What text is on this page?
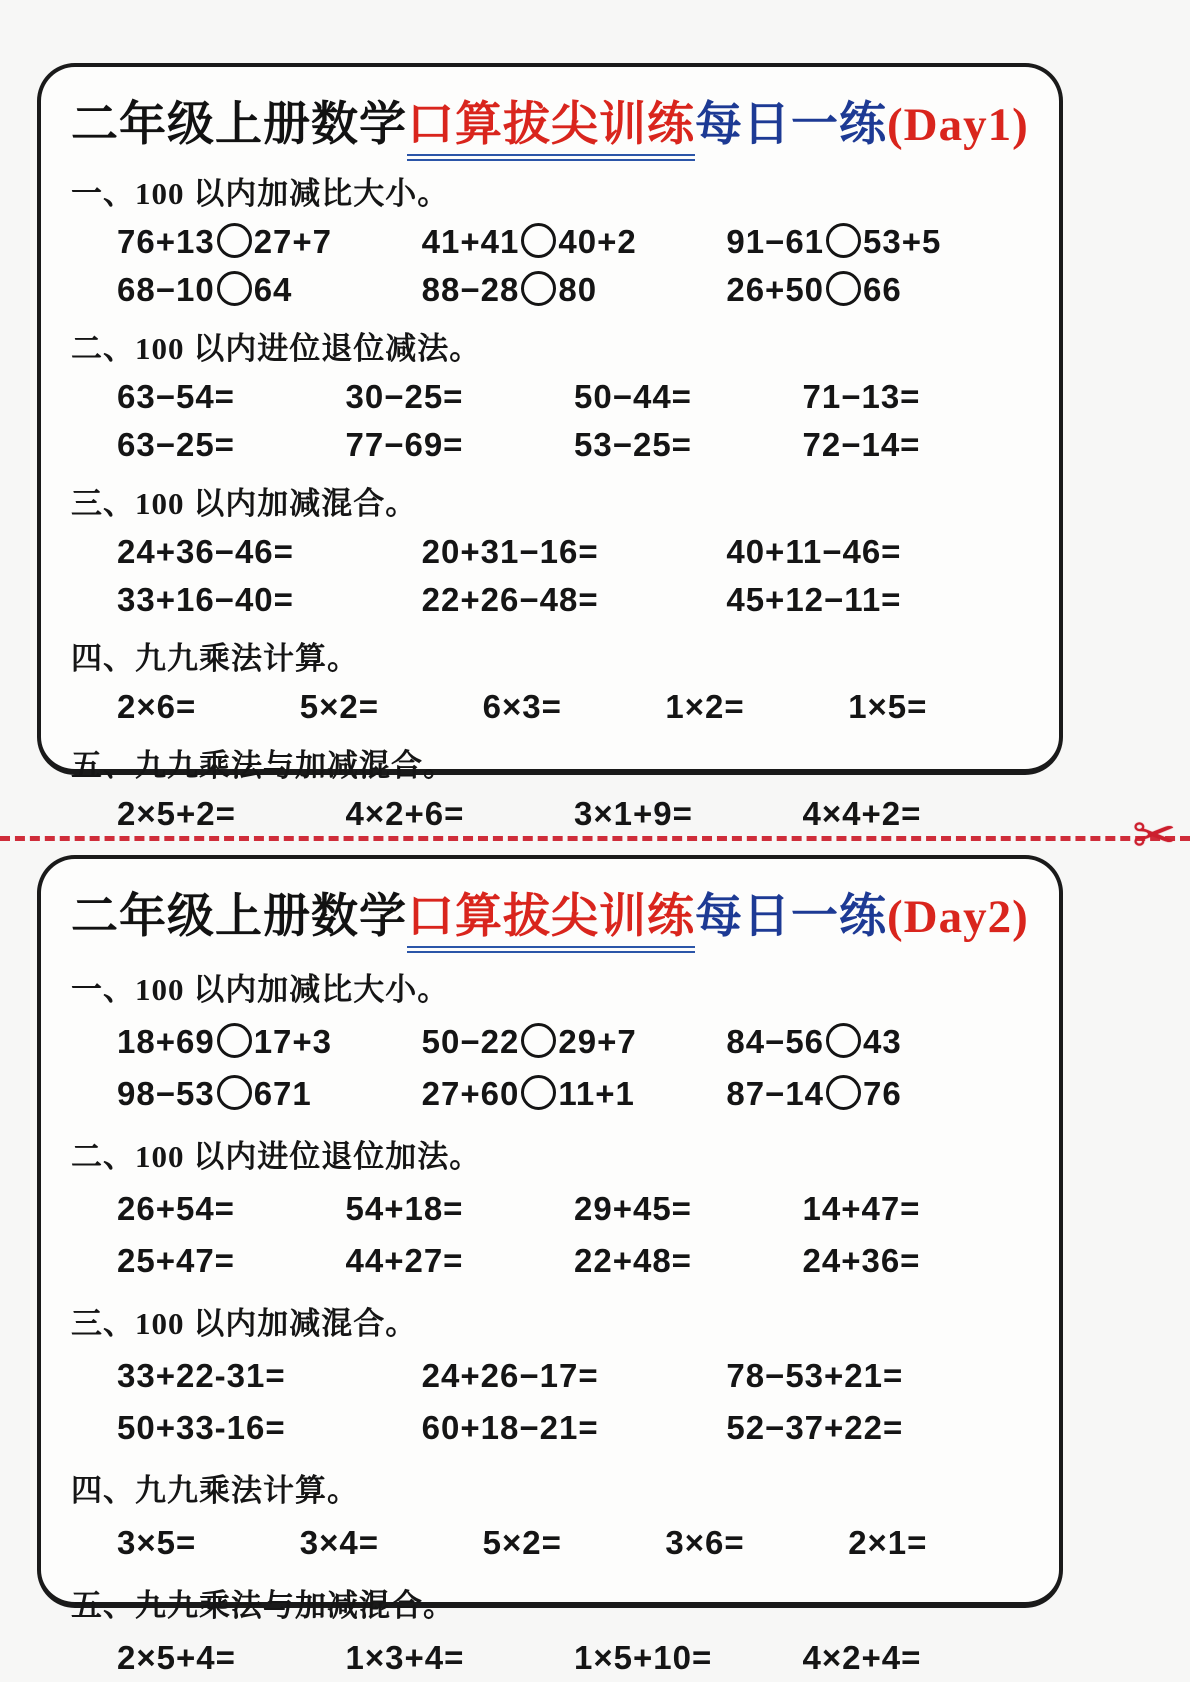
二年级上册数学口算拔尖训练每日一练(Day1)
一、100 以内加减比大小。
76+13 27+7	41+41 40+2	91−61 53+5
68−10 64	88−28 80	26+50 66
二、100 以内进位退位减法。
63−54=	30−25=	50−44=	71−13=
63−25=	77−69=	53−25=	72−14=
三、100 以内加减混合。
24+36−46=	20+31−16=	40+11−46=
33+16−40=	22+26−48=	45+12−11=
四、九九乘法计算。
2×6=	5×2=	6×3=	1×2=	1×5=
五、九九乘法与加减混合。
2×5+2=	4×2+6=	3×1+9=	4×4+2=	✂
二年级上册数学口算拔尖训练每日一练(Day2)
一、100 以内加减比大小。
18+69 17+3	50−22 29+7	84−56 43
98−53 671	27+60 11+1	87−14 76
二、100 以内进位退位加法。
26+54=	54+18=	29+45=	14+47=
25+47=	44+27=	22+48=	24+36=
三、100 以内加减混合。
33+22-31=	24+26−17=	78−53+21=
50+33-16=	60+18−21=	52−37+22=
四、九九乘法计算。
3×5=	3×4=	5×2=	3×6=	2×1=
五、九九乘法与加减混合。
2×5+4=	1×3+4=	1×5+10=	4×2+4=
